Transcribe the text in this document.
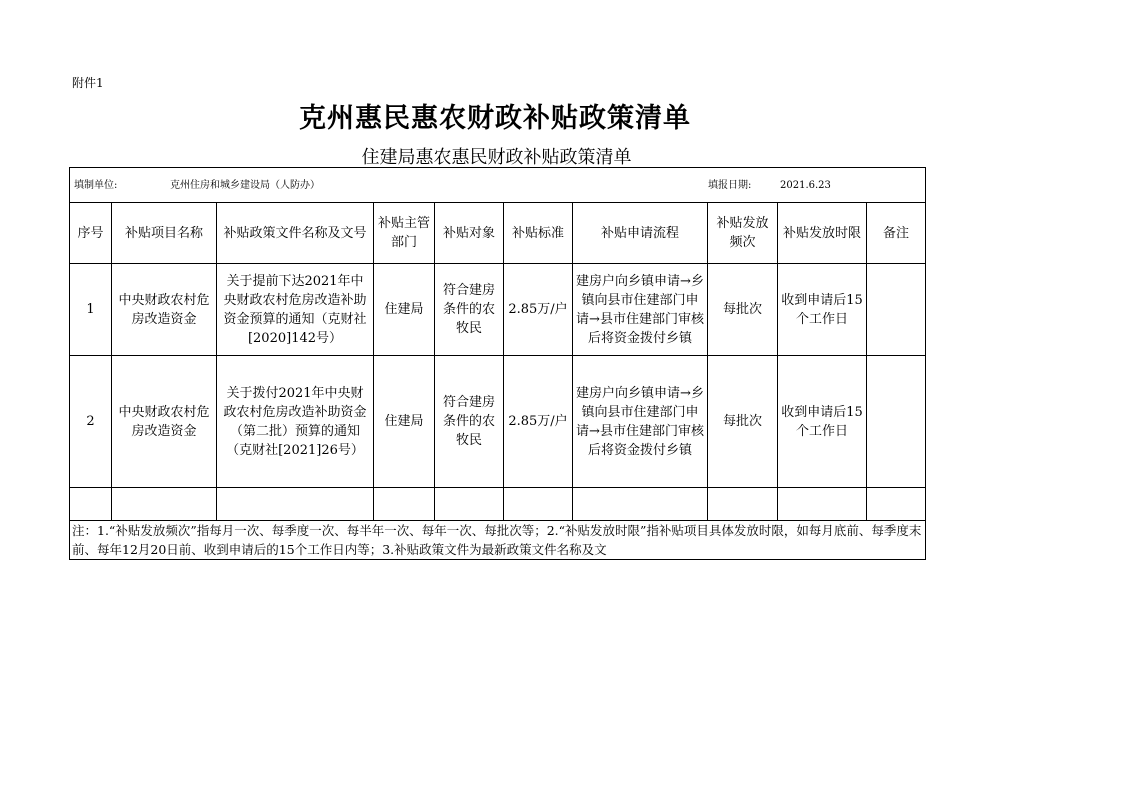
附件1
克州惠民惠农财政补贴政策清单
住建局惠农惠民财政补贴政策清单
填制单位: 克州住房和城乡建设局（人防办） 填报日期: 2021.6.23									
序号	补贴项目名称	补贴政策文件名称及文号	补贴主管部门	补贴对象	补贴标准	补贴申请流程	补贴发放频次	补贴发放时限	备注
1	中央财政农村危房改造资金	关于提前下达2021年中央财政农村危房改造补助资金预算的通知（克财社[2020]142号）	住建局	符合建房条件的农牧民	2.85万/户	建房户向乡镇申请→乡镇向县市住建部门申请→县市住建部门审核后将资金拨付乡镇	每批次	收到申请后15个工作日	
2	中央财政农村危房改造资金	关于拨付2021年中央财政农村危房改造补助资金（第二批）预算的通知（克财社[2021]26号）	住建局	符合建房条件的农牧民	2.85万/户	建房户向乡镇申请→乡镇向县市住建部门申请→县市住建部门审核后将资金拨付乡镇	每批次	收到申请后15个工作日	

注：1.“补贴发放频次”指每月一次、每季度一次、每半年一次、每年一次、每批次等；2.“补贴发放时限”指补贴项目具体发放时限，如每月底前、每季度末前、每年12月20日前、收到申请后的15个工作日内等；3.补贴政策文件为最新政策文件名称及文									
